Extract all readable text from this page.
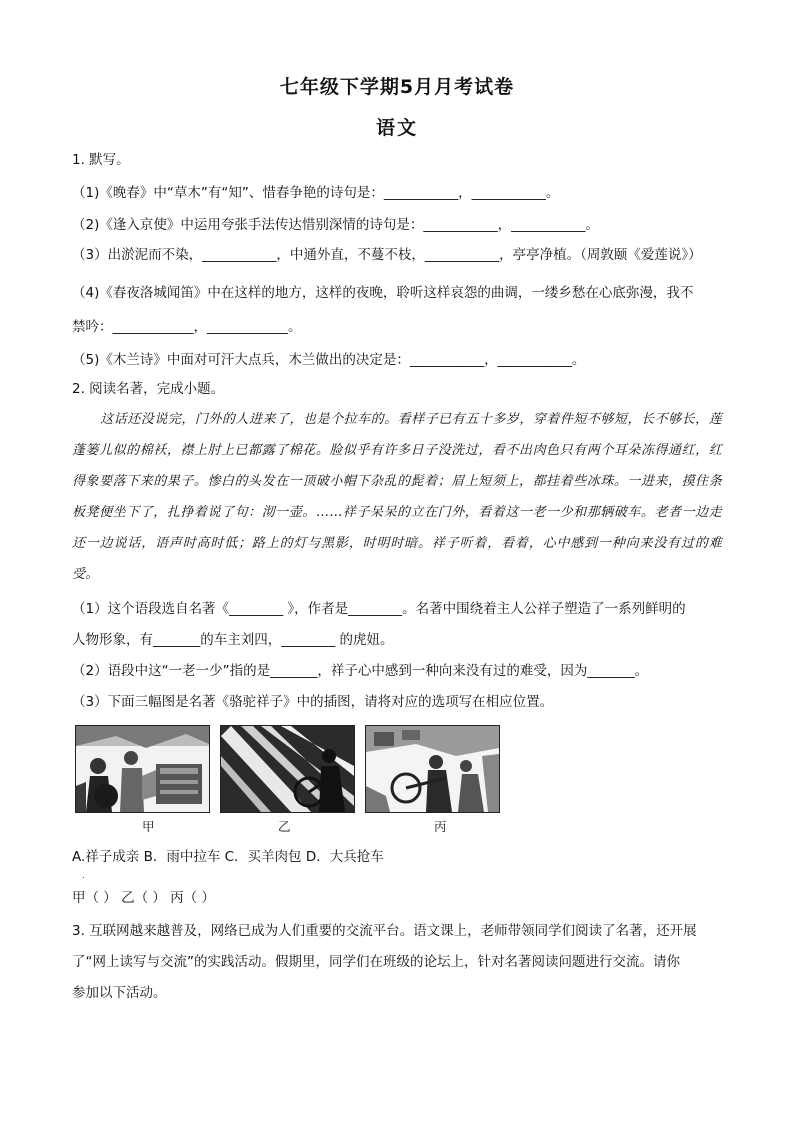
七年级下学期5月月考试卷
语文
1. 默写。
（1)《晚春》中“草木”有“知”、惜春争艳的诗句是：___________，___________。
（2)《逢入京使》中运用夸张手法传达惜别深情的诗句是：___________，___________。
（3）出淤泥而不染，___________，中通外直，不蔓不枝，___________，亭亭净植。（周敦颐《爱莲说》）
（4)《春夜洛城闻笛》中在这样的地方，这样的夜晚，聆听这样哀怨的曲调，一缕乡愁在心底弥漫，我不
禁吟：____________，____________。
（5)《木兰诗》中面对可汗大点兵，木兰做出的决定是：___________，___________。
2. 阅读名著，完成小题。
这话还没说完，门外的人进来了，也是个拉车的。看样子已有五十多岁，穿着件短不够短，长不够长，莲蓬篓儿似的棉袄，襟上肘上已都露了棉花。脸似乎有许多日子没洗过，看不出肉色只有两个耳朵冻得通红，红得象要落下来的果子。惨白的头发在一顶破小帽下杂乱的髭着；眉上短须上，都挂着些冰珠。一进来，摸住条板凳便坐下了，扎挣着说了句：沏一壶。……祥子呆呆的立在门外，看着这一老一少和那辆破车。老者一边走还一边说话，语声时高时低；路上的灯与黑影，时明时暗。祥子听着，看着，心中感到一种向来没有过的难受。
（1）这个语段选自名著《________ 》，作者是________。名著中围绕着主人公祥子塑造了一系列鲜明的
人物形象，有_______的车主刘四，________ 的虎妞。
（2）语段中这“一老一少”指的是_______，祥子心中感到一种向来没有过的难受，因为_______。
（3）下面三幅图是名著《骆驼祥子》中的插图，请将对应的选项写在相应位置。
甲	乙	丙
A.祥子成亲 B．雨中拉车 C．买羊肉包 D．大兵抢车
.
甲（ ） 乙（ ） 丙（ ）
3. 互联网越来越普及，网络已成为人们重要的交流平台。语文课上，老师带领同学们阅读了名著，还开展
了“网上读写与交流”的实践活动。假期里，同学们在班级的论坛上，针对名著阅读问题进行交流。请你
参加以下活动。
